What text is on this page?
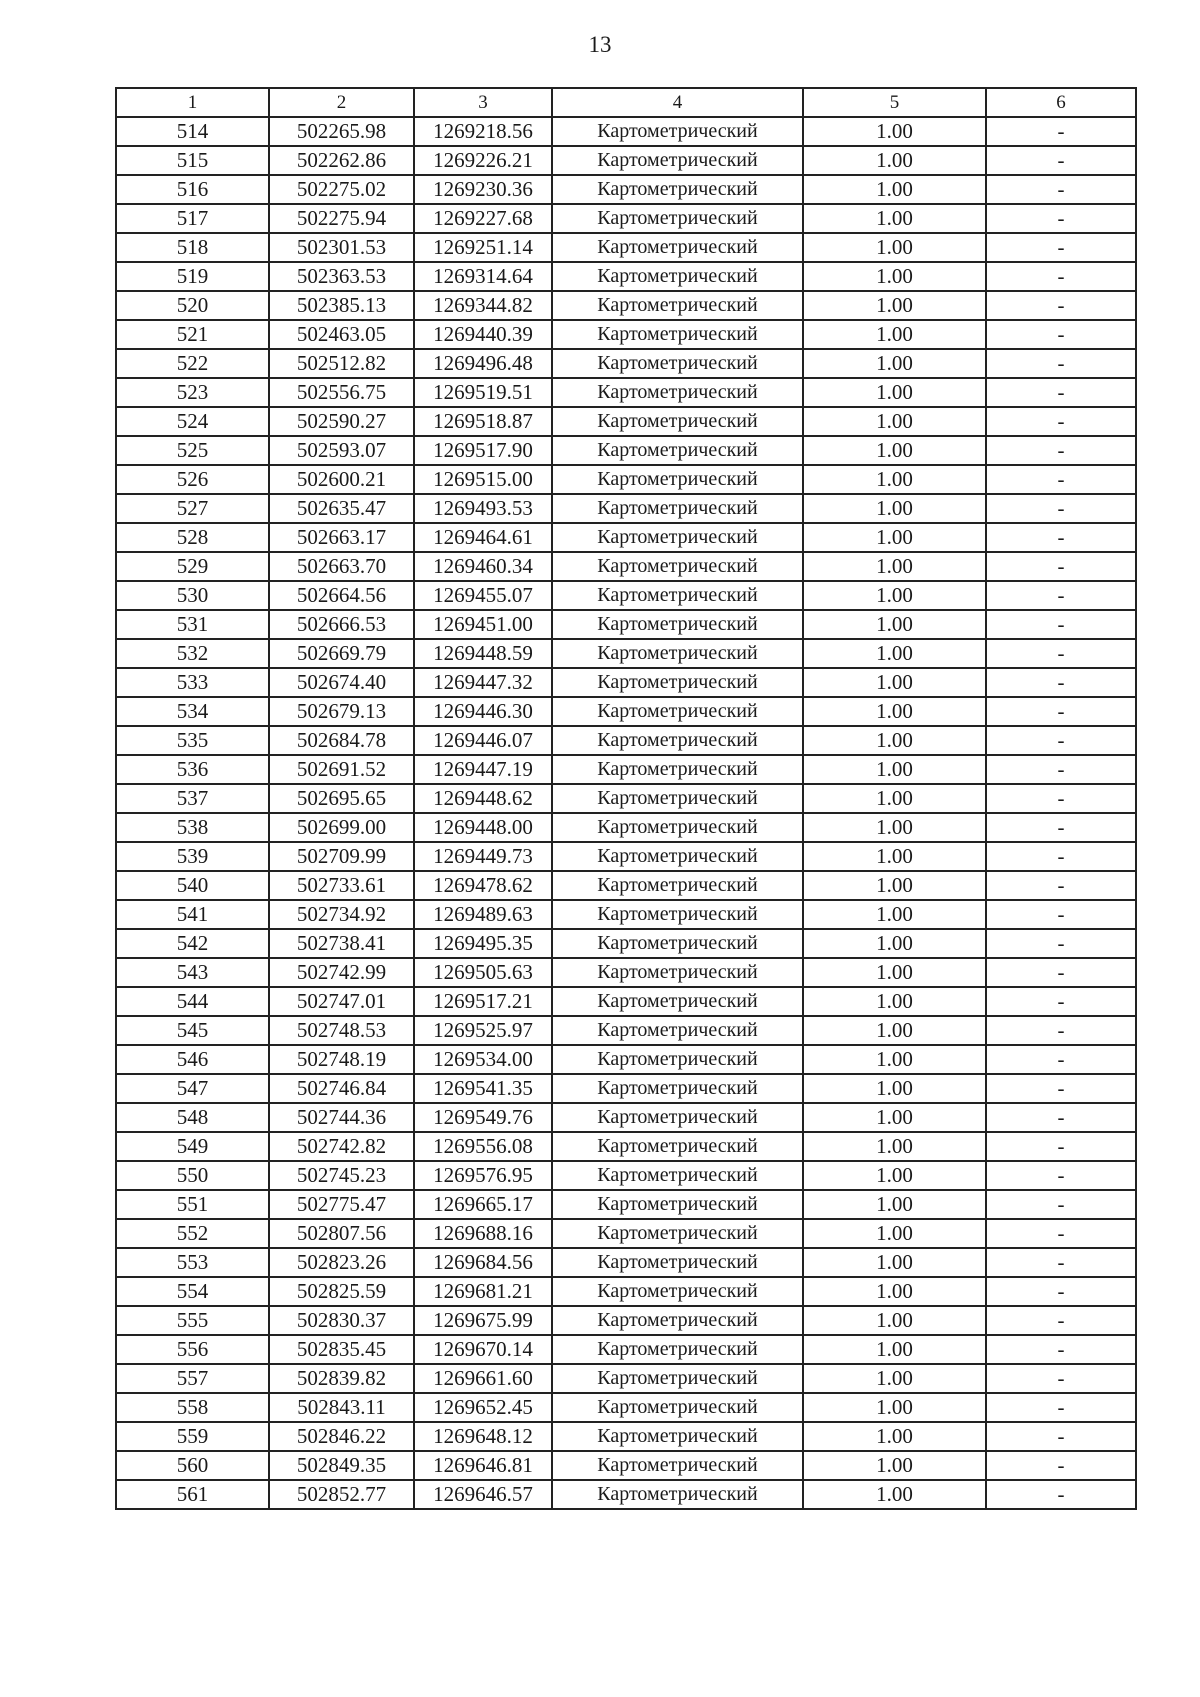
13
1	2	3	4	5	6
514	502265.98	1269218.56	Картометрический	1.00	-
515	502262.86	1269226.21	Картометрический	1.00	-
516	502275.02	1269230.36	Картометрический	1.00	-
517	502275.94	1269227.68	Картометрический	1.00	-
518	502301.53	1269251.14	Картометрический	1.00	-
519	502363.53	1269314.64	Картометрический	1.00	-
520	502385.13	1269344.82	Картометрический	1.00	-
521	502463.05	1269440.39	Картометрический	1.00	-
522	502512.82	1269496.48	Картометрический	1.00	-
523	502556.75	1269519.51	Картометрический	1.00	-
524	502590.27	1269518.87	Картометрический	1.00	-
525	502593.07	1269517.90	Картометрический	1.00	-
526	502600.21	1269515.00	Картометрический	1.00	-
527	502635.47	1269493.53	Картометрический	1.00	-
528	502663.17	1269464.61	Картометрический	1.00	-
529	502663.70	1269460.34	Картометрический	1.00	-
530	502664.56	1269455.07	Картометрический	1.00	-
531	502666.53	1269451.00	Картометрический	1.00	-
532	502669.79	1269448.59	Картометрический	1.00	-
533	502674.40	1269447.32	Картометрический	1.00	-
534	502679.13	1269446.30	Картометрический	1.00	-
535	502684.78	1269446.07	Картометрический	1.00	-
536	502691.52	1269447.19	Картометрический	1.00	-
537	502695.65	1269448.62	Картометрический	1.00	-
538	502699.00	1269448.00	Картометрический	1.00	-
539	502709.99	1269449.73	Картометрический	1.00	-
540	502733.61	1269478.62	Картометрический	1.00	-
541	502734.92	1269489.63	Картометрический	1.00	-
542	502738.41	1269495.35	Картометрический	1.00	-
543	502742.99	1269505.63	Картометрический	1.00	-
544	502747.01	1269517.21	Картометрический	1.00	-
545	502748.53	1269525.97	Картометрический	1.00	-
546	502748.19	1269534.00	Картометрический	1.00	-
547	502746.84	1269541.35	Картометрический	1.00	-
548	502744.36	1269549.76	Картометрический	1.00	-
549	502742.82	1269556.08	Картометрический	1.00	-
550	502745.23	1269576.95	Картометрический	1.00	-
551	502775.47	1269665.17	Картометрический	1.00	-
552	502807.56	1269688.16	Картометрический	1.00	-
553	502823.26	1269684.56	Картометрический	1.00	-
554	502825.59	1269681.21	Картометрический	1.00	-
555	502830.37	1269675.99	Картометрический	1.00	-
556	502835.45	1269670.14	Картометрический	1.00	-
557	502839.82	1269661.60	Картометрический	1.00	-
558	502843.11	1269652.45	Картометрический	1.00	-
559	502846.22	1269648.12	Картометрический	1.00	-
560	502849.35	1269646.81	Картометрический	1.00	-
561	502852.77	1269646.57	Картометрический	1.00	-
